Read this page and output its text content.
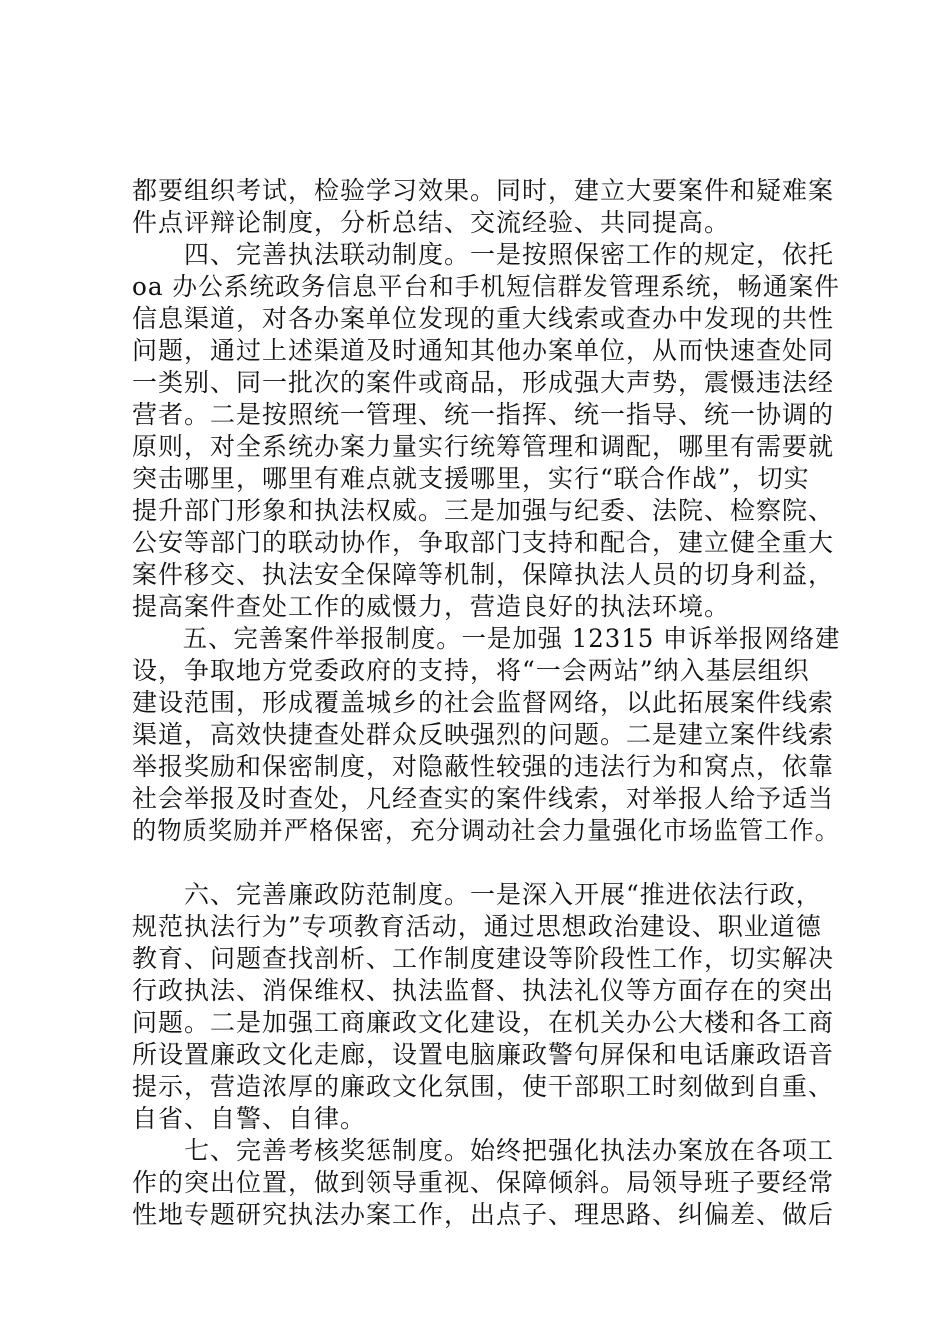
都要组织考试，检验学习效果。同时，建立大要案件和疑难案
件点评辩论制度，分析总结、交流经验、共同提高。
　　四、完善执法联动制度。一是按照保密工作的规定，依托
oa 办公系统政务信息平台和手机短信群发管理系统，畅通案件
信息渠道，对各办案单位发现的重大线索或查办中发现的共性
问题，通过上述渠道及时通知其他办案单位，从而快速查处同
一类别、同一批次的案件或商品，形成强大声势，震慑违法经
营者。二是按照统一管理、统一指挥、统一指导、统一协调的
原则，对全系统办案力量实行统筹管理和调配，哪里有需要就
突击哪里，哪里有难点就支援哪里，实行“联合作战”，切实
提升部门形象和执法权威。三是加强与纪委、法院、检察院、
公安等部门的联动协作，争取部门支持和配合，建立健全重大
案件移交、执法安全保障等机制，保障执法人员的切身利益，
提高案件查处工作的威慑力，营造良好的执法环境。
　　五、完善案件举报制度。一是加强 12315 申诉举报网络建
设，争取地方党委政府的支持，将“一会两站”纳入基层组织
建设范围，形成覆盖城乡的社会监督网络，以此拓展案件线索
渠道，高效快捷查处群众反映强烈的问题。二是建立案件线索
举报奖励和保密制度，对隐蔽性较强的违法行为和窝点，依靠
社会举报及时查处，凡经查实的案件线索，对举报人给予适当
的物质奖励并严格保密，充分调动社会力量强化市场监管工作。
　　六、完善廉政防范制度。一是深入开展“推进依法行政，
规范执法行为”专项教育活动，通过思想政治建设、职业道德
教育、问题查找剖析、工作制度建设等阶段性工作，切实解决
行政执法、消保维权、执法监督、执法礼仪等方面存在的突出
问题。二是加强工商廉政文化建设，在机关办公大楼和各工商
所设置廉政文化走廊，设置电脑廉政警句屏保和电话廉政语音
提示，营造浓厚的廉政文化氛围，使干部职工时刻做到自重、
自省、自警、自律。
　　七、完善考核奖惩制度。始终把强化执法办案放在各项工
作的突出位置，做到领导重视、保障倾斜。局领导班子要经常
性地专题研究执法办案工作，出点子、理思路、纠偏差、做后
